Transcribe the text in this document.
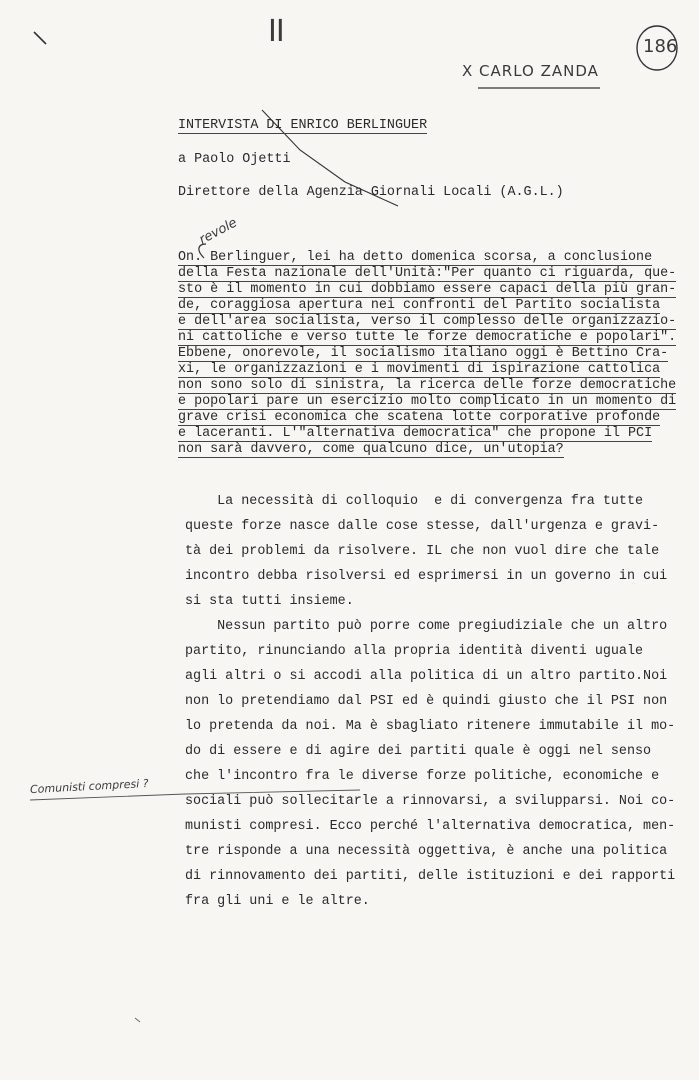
II
X CARLO ZANDA
186
revole
Comunisti compresi ?
INTERVISTA DI ENRICO BERLINGUER
a Paolo Ojetti
Direttore della Agenzia Giornali Locali (A.G.L.)
On. Berlinguer, lei ha detto domenica scorsa, a conclusione
della Festa nazionale dell'Unità:"Per quanto ci riguarda, que-
sto è il momento in cui dobbiamo essere capaci della più gran-
de, coraggiosa apertura nei confronti del Partito socialista
e dell'area socialista, verso il complesso delle organizzazio-
ni cattoliche e verso tutte le forze democratiche e popolari".
Ebbene, onorevole, il socialismo italiano oggi è Bettino Cra-
xi, le organizzazioni e i movimenti di ispirazione cattolica
non sono solo di sinistra, la ricerca delle forze democratiche
e popolari pare un esercizio molto complicato in un momento di
grave crisi economica che scatena lotte corporative profonde
e laceranti. L'"alternativa democratica" che propone il PCI
non sarà davvero, come qualcuno dice, un'utopia?
La necessità di colloquio  e di convergenza fra tutte
queste forze nasce dalle cose stesse, dall'urgenza e gravi-
tà dei problemi da risolvere. IL che non vuol dire che tale
incontro debba risolversi ed esprimersi in un governo in cui
si sta tutti insieme.
Nessun partito può porre come pregiudiziale che un altro
partito, rinunciando alla propria identità diventi uguale
agli altri o si accodi alla politica di un altro partito.Noi
non lo pretendiamo dal PSI ed è quindi giusto che il PSI non
lo pretenda da noi. Ma è sbagliato ritenere immutabile il mo-
do di essere e di agire dei partiti quale è oggi nel senso
che l'incontro fra le diverse forze politiche, economiche e
sociali può sollecitarle a rinnovarsi, a svilupparsi. Noi co-
munisti compresi. Ecco perché l'alternativa democratica, men-
tre risponde a una necessità oggettiva, è anche una politica
di rinnovamento dei partiti, delle istituzioni e dei rapporti
fra gli uni e le altre.
